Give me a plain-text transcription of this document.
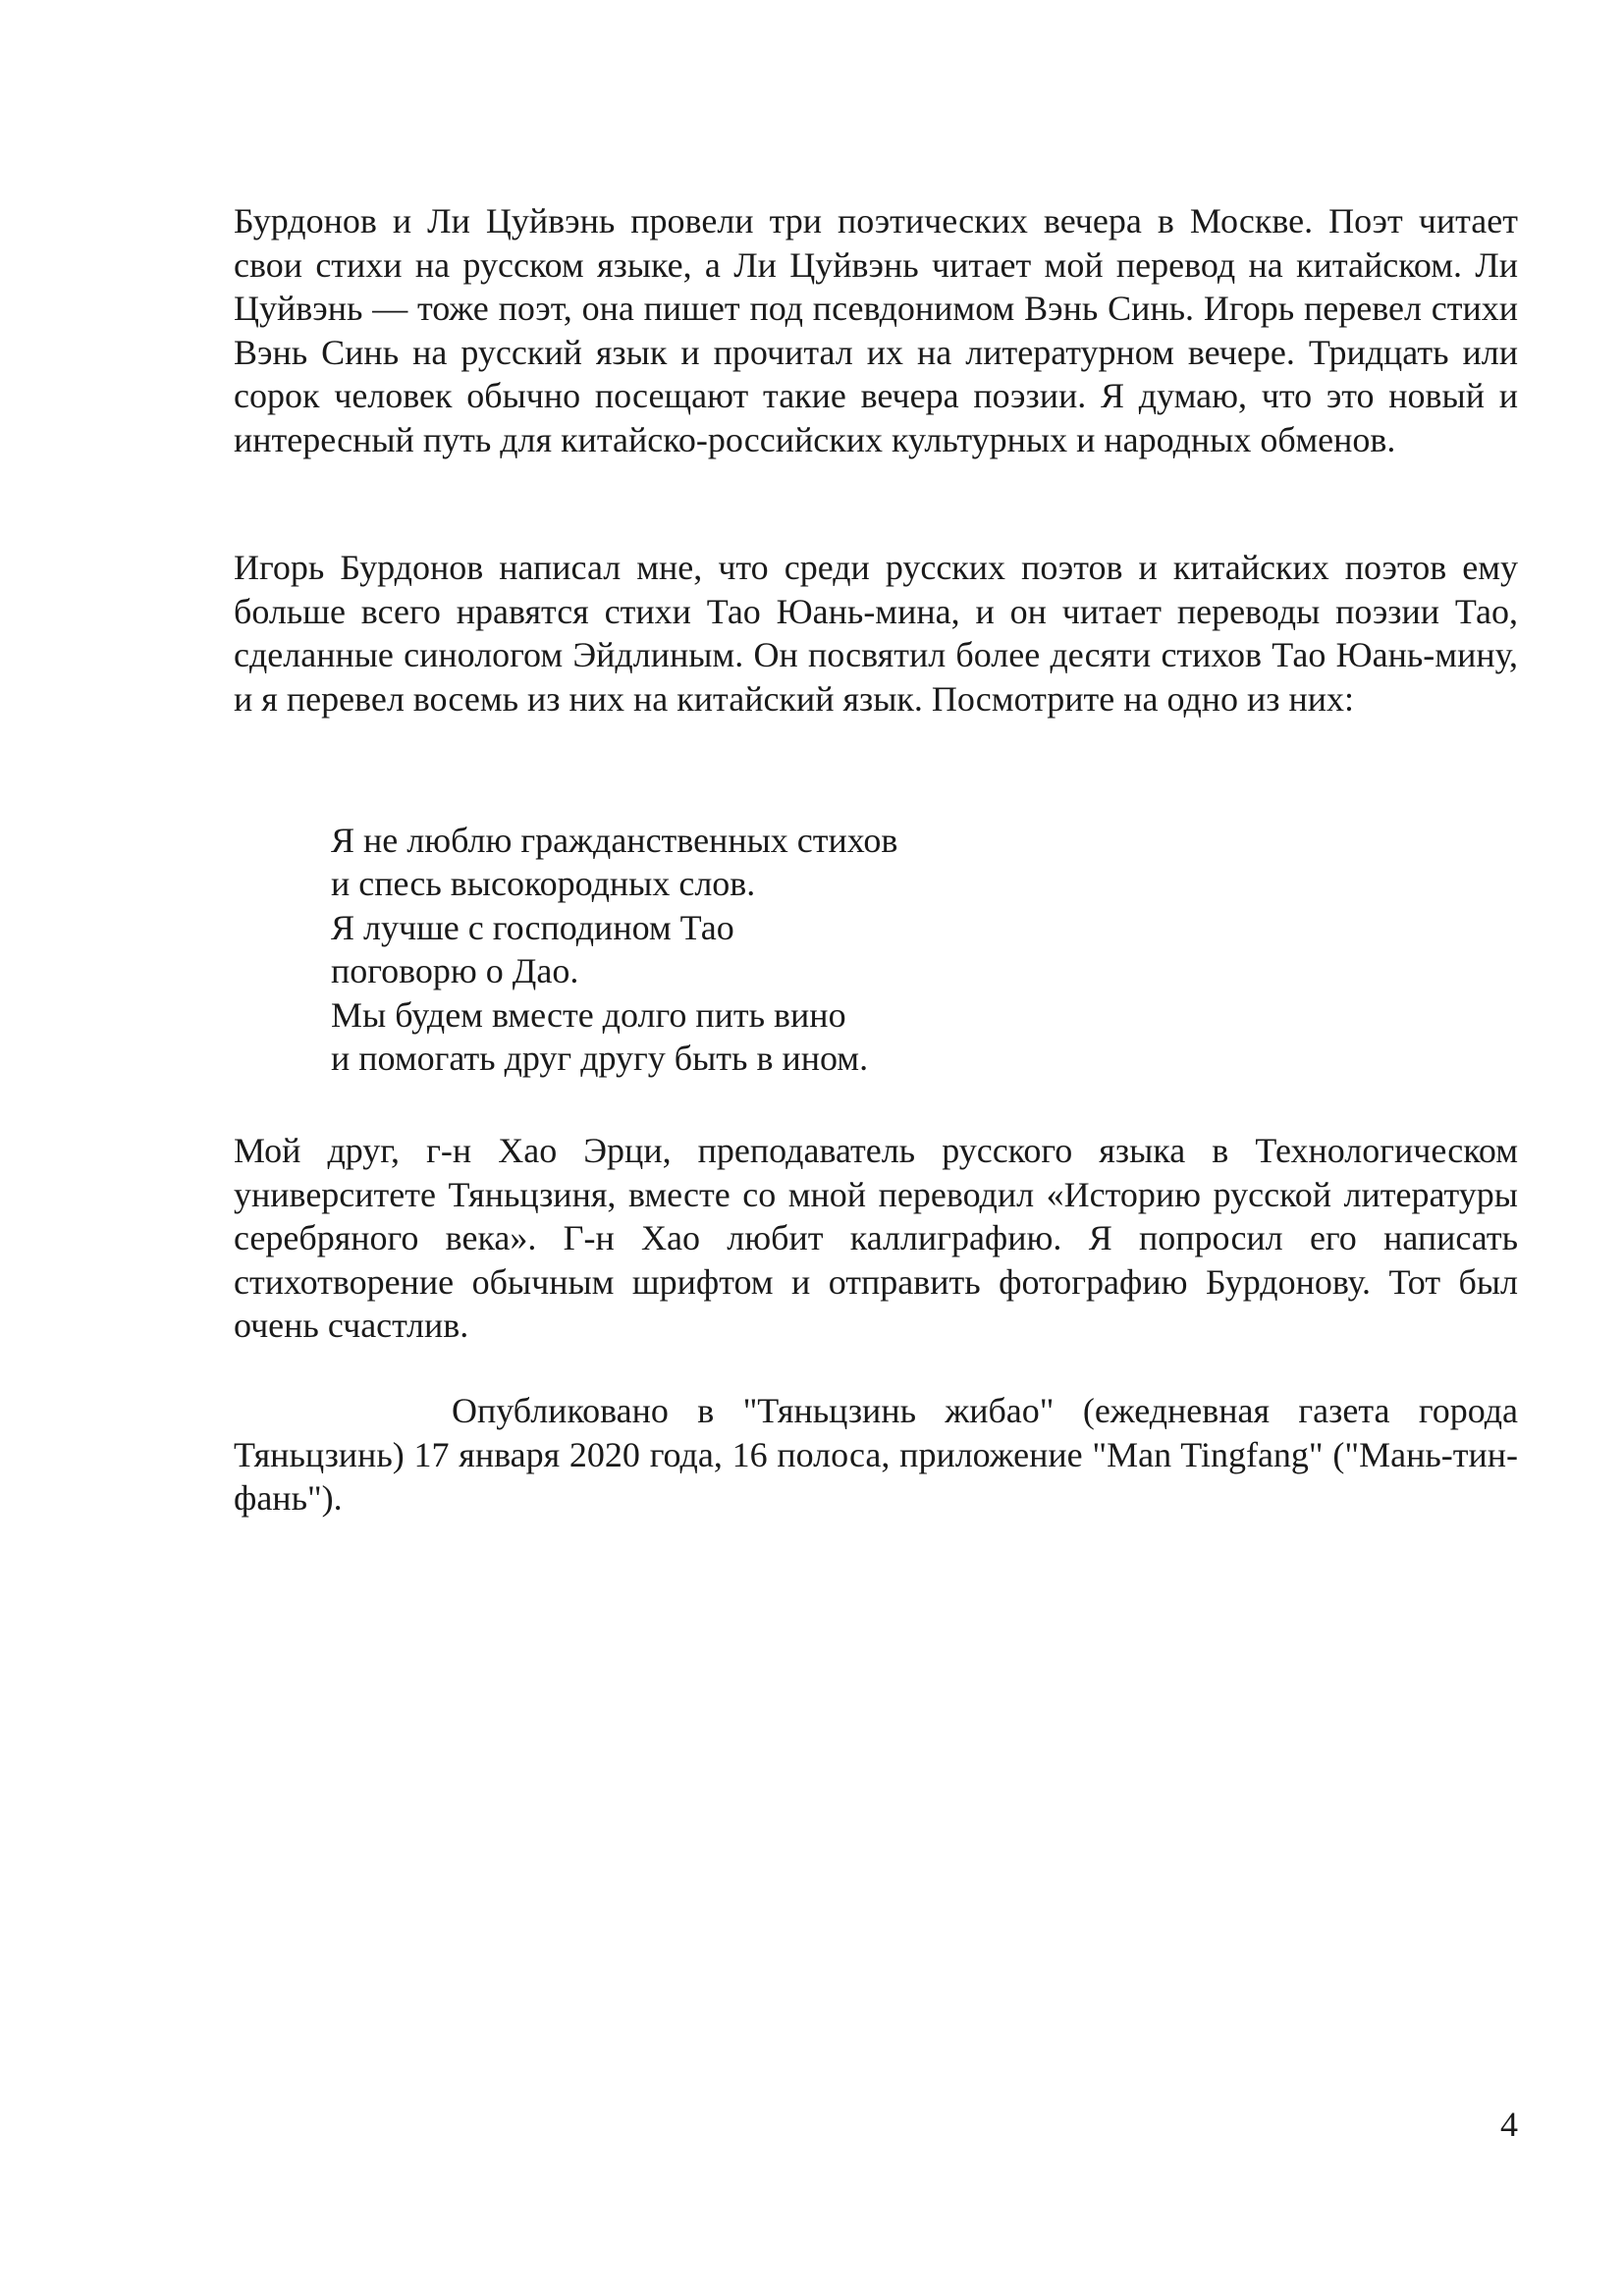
Бурдонов и Ли Цуйвэнь провели три поэтических вечера в Москве. Поэт читает свои стихи на русском языке, а Ли Цуйвэнь читает мой перевод на китайском. Ли Цуйвэнь — тоже поэт, она пишет под псевдонимом Вэнь Синь. Игорь перевел стихи Вэнь Синь на русский язык и прочитал их на литературном вечере. Тридцать или сорок человек обычно посещают такие вечера поэзии. Я думаю, что это новый и интересный путь для китайско-российских культурных и народных обменов.

Игорь Бурдонов написал мне, что среди русских поэтов и китайских поэтов ему больше всего нравятся стихи Тао Юань-мина, и он читает переводы поэзии Тао, сделанные синологом Эйдлиным. Он посвятил более десяти стихов Тао Юань-мину, и я перевел восемь из них на китайский язык. Посмотрите на одно из них:

Я не люблю гражданственных стихов
и спесь высокородных слов.
Я лучше с господином Тао
поговорю о Дао.
Мы будем вместе долго пить вино
и помогать друг другу быть в ином.

Мой друг, г-н Хао Эрци, преподаватель русского языка в Технологическом университете Тяньцзиня, вместе со мной переводил «Историю русской литературы серебряного века». Г-н Хао любит каллиграфию. Я попросил его написать стихотворение обычным шрифтом и отправить фотографию Бурдонову. Тот был очень счастлив.

Опубликовано в "Тяньцзинь жибао" (ежедневная газета города Тяньцзинь) 17 января 2020 года, 16 полоса, приложение "Man Tingfang" ("Мань-тин-фань").

4
